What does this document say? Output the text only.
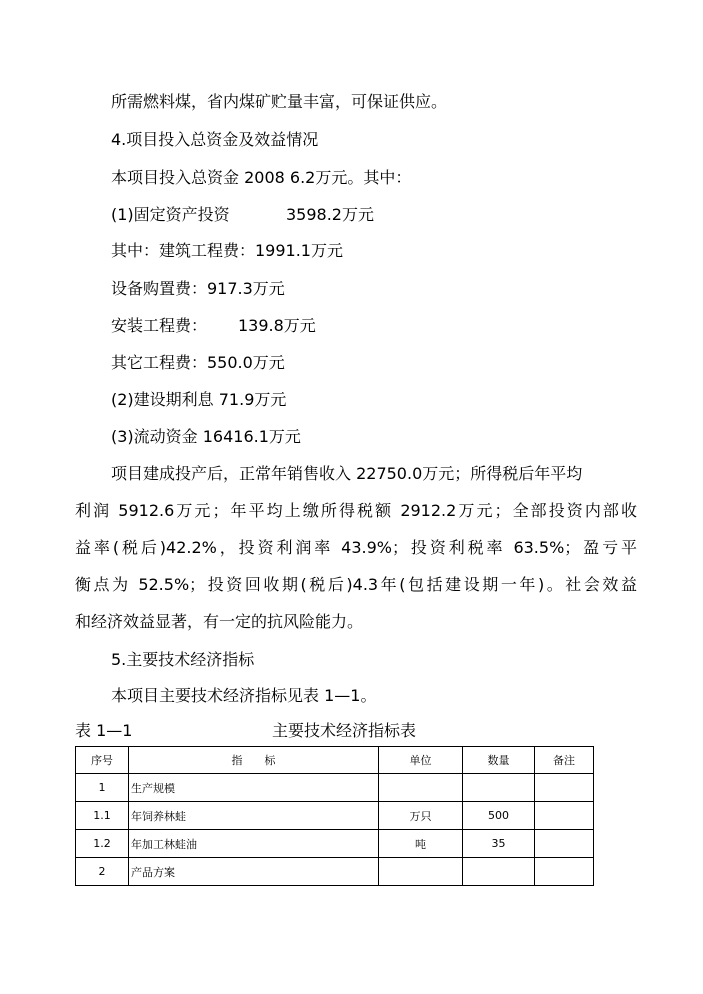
所需燃料煤，省内煤矿贮量丰富，可保证供应。
4.项目投入总资金及效益情况
本项目投入总资金 2008 6.2万元。其中：
(1)固定资产投资	3598.2万元
其中：建筑工程费：1991.1万元
设备购置费：917.3万元
安装工程费： 139.8万元
其它工程费：550.0万元
(2)建设期利息 71.9万元
(3)流动资金 16416.1万元
项目建成投产后，正常年销售收入 22750.0万元；所得税后年平均
利润 5912.6万元；年平均上缴所得税额 2912.2万元；全部投资内部收
益率(税后)42.2%，投资利润率 43.9%；投资利税率 63.5%；盈亏平
衡点为 52.5%；投资回收期(税后)4.3年(包括建设期一年)。社会效益
和经济效益显著，有一定的抗风险能力。
5.主要技术经济指标
本项目主要技术经济指标见表 1—1。
表 1—1	主要技术经济指标表
序号	指　　标	单位	数量	备注
1	生产规模			
1.1	年饲养林蛙	万只	500	
1.2	年加工林蛙油	吨	35	
2	产品方案			
